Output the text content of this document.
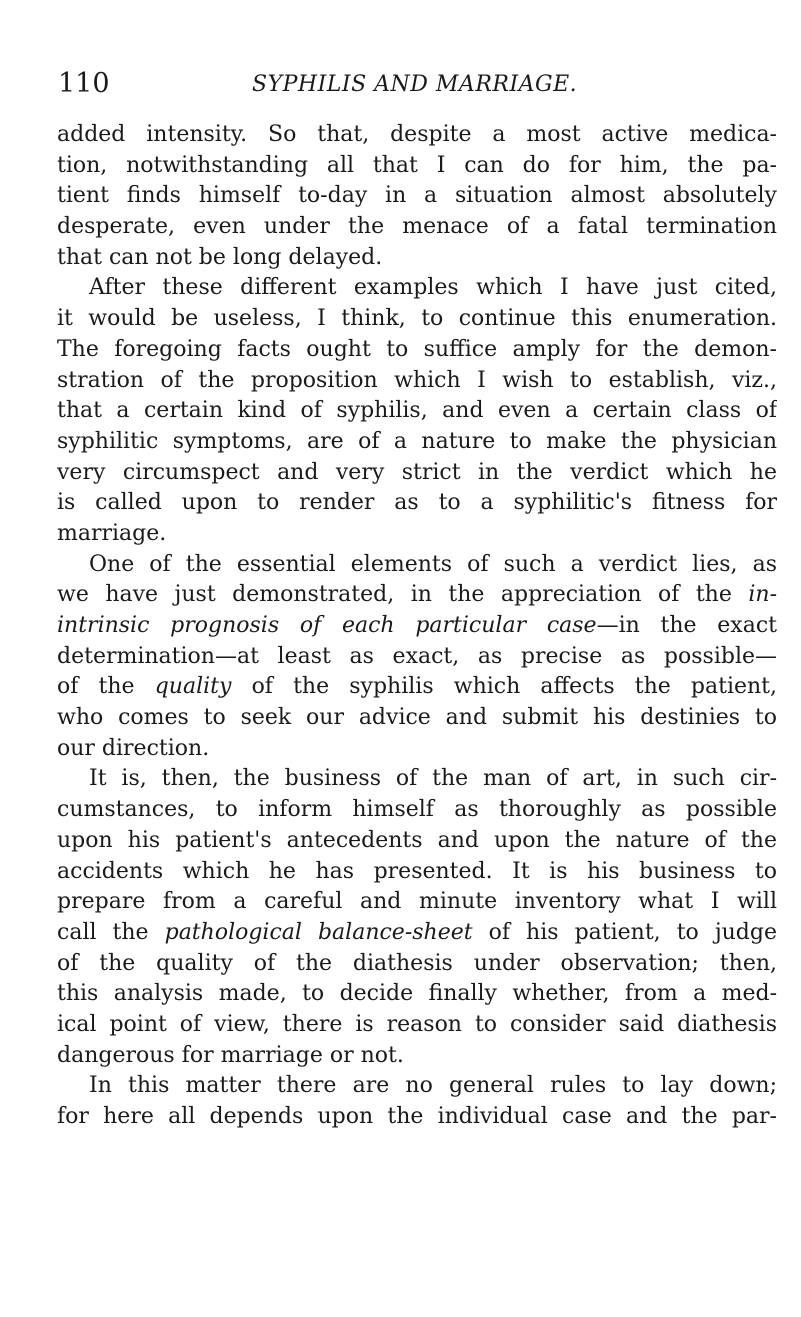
110	SYPHILIS AND MARRIAGE.
added intensity. So that, despite a most active medica-
tion, notwithstanding all that I can do for him, the pa-
tient finds himself to-day in a situation almost absolutely
desperate, even under the menace of a fatal termination
that can not be long delayed.
After these different examples which I have just cited,
it would be useless, I think, to continue this enumeration.
The foregoing facts ought to suffice amply for the demon-
stration of the proposition which I wish to establish, viz.,
that a certain kind of syphilis, and even a certain class of
syphilitic symptoms, are of a nature to make the physician
very circumspect and very strict in the verdict which he
is called upon to render as to a syphilitic's fitness for
marriage.
One of the essential elements of such a verdict lies, as
we have just demonstrated, in the appreciation of the in-
intrinsic prognosis of each particular case—in the exact
determination—at least as exact, as precise as possible—
of the quality of the syphilis which affects the patient,
who comes to seek our advice and submit his destinies to
our direction.
It is, then, the business of the man of art, in such cir-
cumstances, to inform himself as thoroughly as possible
upon his patient's antecedents and upon the nature of the
accidents which he has presented. It is his business to
prepare from a careful and minute inventory what I will
call the pathological balance-sheet of his patient, to judge
of the quality of the diathesis under observation; then,
this analysis made, to decide finally whether, from a med-
ical point of view, there is reason to consider said diathesis
dangerous for marriage or not.
In this matter there are no general rules to lay down;
for here all depends upon the individual case and the par-
